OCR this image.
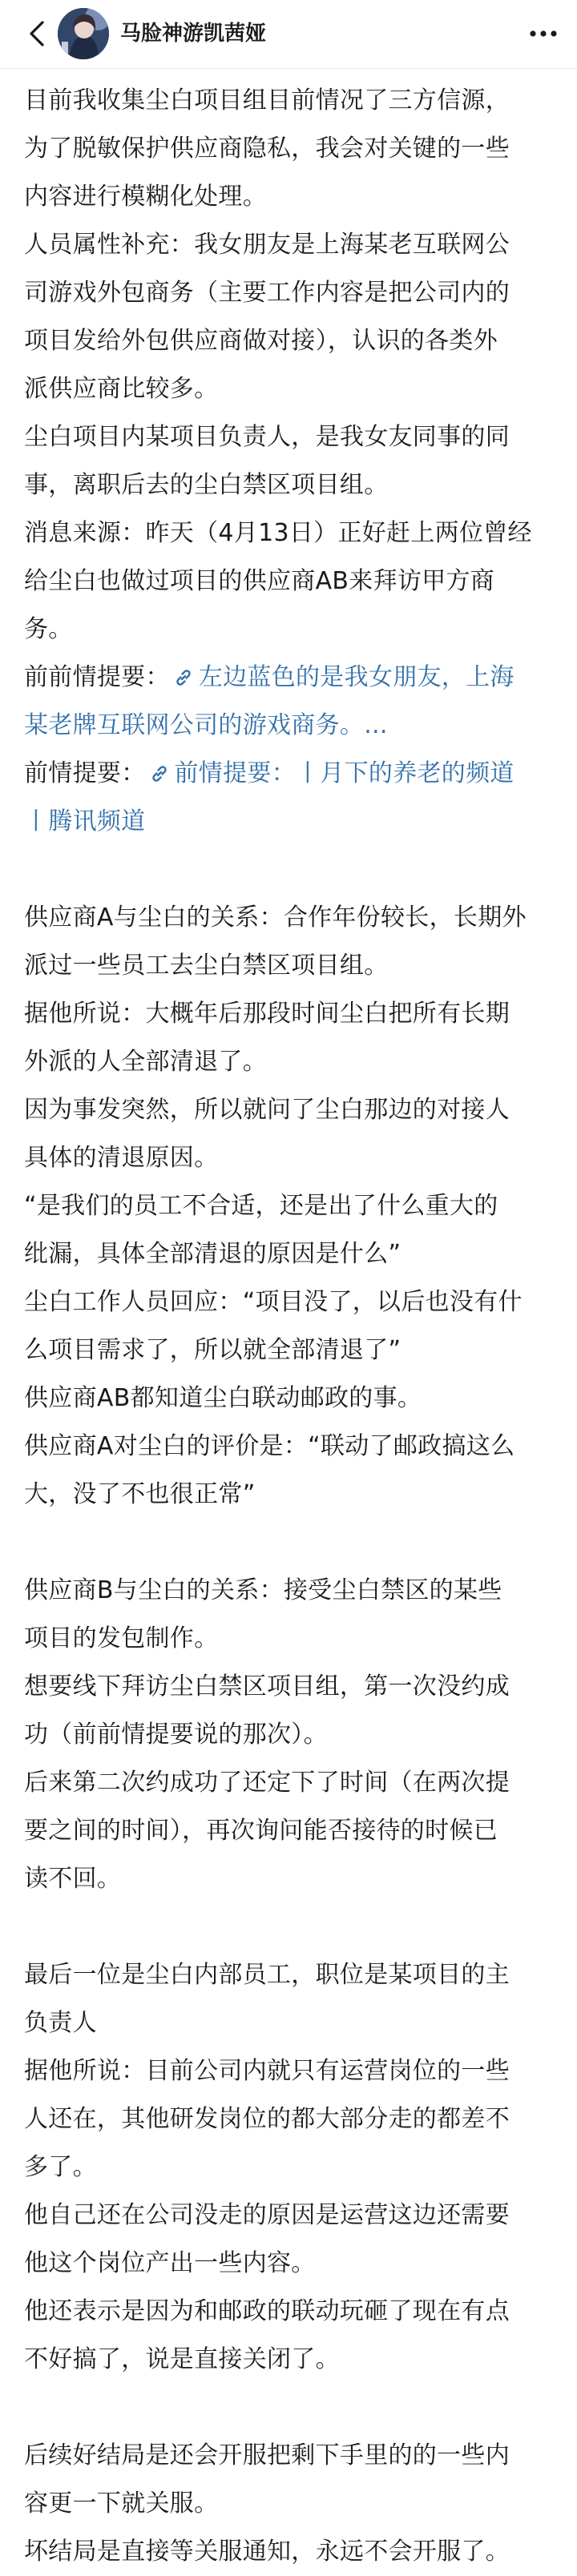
马脸神游凯茜娅
目前我收集尘白项目组目前情况了三方信源，
为了脱敏保护供应商隐私，我会对关键的一些
内容进行模糊化处理。
人员属性补充：我女朋友是上海某老互联网公
司游戏外包商务（主要工作内容是把公司内的
项目发给外包供应商做对接），认识的各类外
派供应商比较多。
尘白项目内某项目负责人，是我女友同事的同
事，离职后去的尘白禁区项目组。
消息来源：昨天（4月13日）正好赶上两位曾经
给尘白也做过项目的供应商AB来拜访甲方商
务。
前前情提要： 左边蓝色的是我女朋友，上海
某老牌互联网公司的游戏商务。...
前情提要： 前情提要：丨月下的养老的频道
丨腾讯频道
供应商A与尘白的关系：合作年份较长，长期外
派过一些员工去尘白禁区项目组。
据他所说：大概年后那段时间尘白把所有长期
外派的人全部清退了。
因为事发突然，所以就问了尘白那边的对接人
具体的清退原因。
“是我们的员工不合适，还是出了什么重大的
纰漏，具体全部清退的原因是什么”
尘白工作人员回应：“项目没了，以后也没有什
么项目需求了，所以就全部清退了”
供应商AB都知道尘白联动邮政的事。
供应商A对尘白的评价是：“联动了邮政搞这么
大，没了不也很正常”
供应商B与尘白的关系：接受尘白禁区的某些
项目的发包制作。
想要线下拜访尘白禁区项目组，第一次没约成
功（前前情提要说的那次）。
后来第二次约成功了还定下了时间（在两次提
要之间的时间），再次询问能否接待的时候已
读不回。
最后一位是尘白内部员工，职位是某项目的主
负责人
据他所说：目前公司内就只有运营岗位的一些
人还在，其他研发岗位的都大部分走的都差不
多了。
他自己还在公司没走的原因是运营这边还需要
他这个岗位产出一些内容。
他还表示是因为和邮政的联动玩砸了现在有点
不好搞了，说是直接关闭了。
后续好结局是还会开服把剩下手里的的一些内
容更一下就关服。
坏结局是直接等关服通知，永远不会开服了。
